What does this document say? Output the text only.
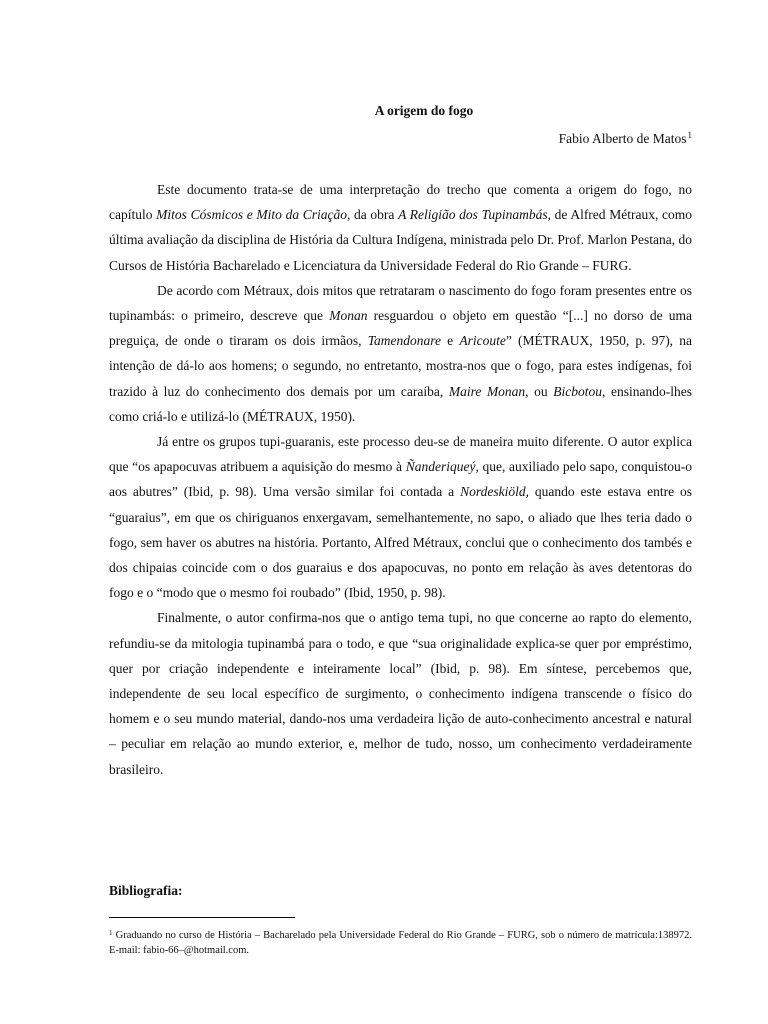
A origem do fogo
Fabio Alberto de Matos$^1$

Este documento trata-se de uma interpretação do trecho que comenta a origem do fogo, no capítulo Mitos Cósmicos e Mito da Criação, da obra A Religião dos Tupinambás, de Alfred Métraux, como última avaliação da disciplina de História da Cultura Indígena, ministrada pelo Dr. Prof. Marlon Pestana, do Cursos de História Bacharelado e Licenciatura da Universidade Federal do Rio Grande – FURG.

De acordo com Métraux, dois mitos que retrataram o nascimento do fogo foram presentes entre os tupinambás: o primeiro, descreve que Monan resguardou o objeto em questão “[...] no dorso de uma preguiça, de onde o tiraram os dois irmãos, Tamendonare e Aricoute” (MÉTRAUX, 1950, p. 97), na intenção de dá-lo aos homens; o segundo, no entretanto, mostra-nos que o fogo, para estes indígenas, foi trazido à luz do conhecimento dos demais por um caraíba, Maire Monan, ou Bicbotou, ensinando-lhes como criá-lo e utilizá-lo (MÉTRAUX, 1950).

Já entre os grupos tupi-guaranis, este processo deu-se de maneira muito diferente. O autor explica que “os apapocuvas atribuem a aquisição do mesmo à Ñanderiqueý, que, auxiliado pelo sapo, conquistou-o aos abutres” (Ibid, p. 98). Uma versão similar foi contada a Nordeskiöld, quando este estava entre os “guaraius”, em que os chiriguanos enxergavam, semelhantemente, no sapo, o aliado que lhes teria dado o fogo, sem haver os abutres na história. Portanto, Alfred Métraux, conclui que o conhecimento dos tambés e dos chipaias coincide com o dos guaraius e dos apapocuvas, no ponto em relação às aves detentoras do fogo e o “modo que o mesmo foi roubado” (Ibid, 1950, p. 98).

Finalmente, o autor confirma-nos que o antigo tema tupi, no que concerne ao rapto do elemento, refundiu-se da mitologia tupinambá para o todo, e que “sua originalidade explica-se quer por empréstimo, quer por criação independente e inteiramente local” (Ibid, p. 98). Em síntese, percebemos que, independente de seu local específico de surgimento, o conhecimento indígena transcende o físico do homem e o seu mundo material, dando-nos uma verdadeira lição de auto-conhecimento ancestral e natural – peculiar em relação ao mundo exterior, e, melhor de tudo, nosso, um conhecimento verdadeiramente brasileiro.

Bibliografia:
$^1$ Graduando no curso de História – Bacharelado pela Universidade Federal do Rio Grande – FURG, sob o número de matrícula:138972. E-mail: fabio-66–@hotmail.com.
